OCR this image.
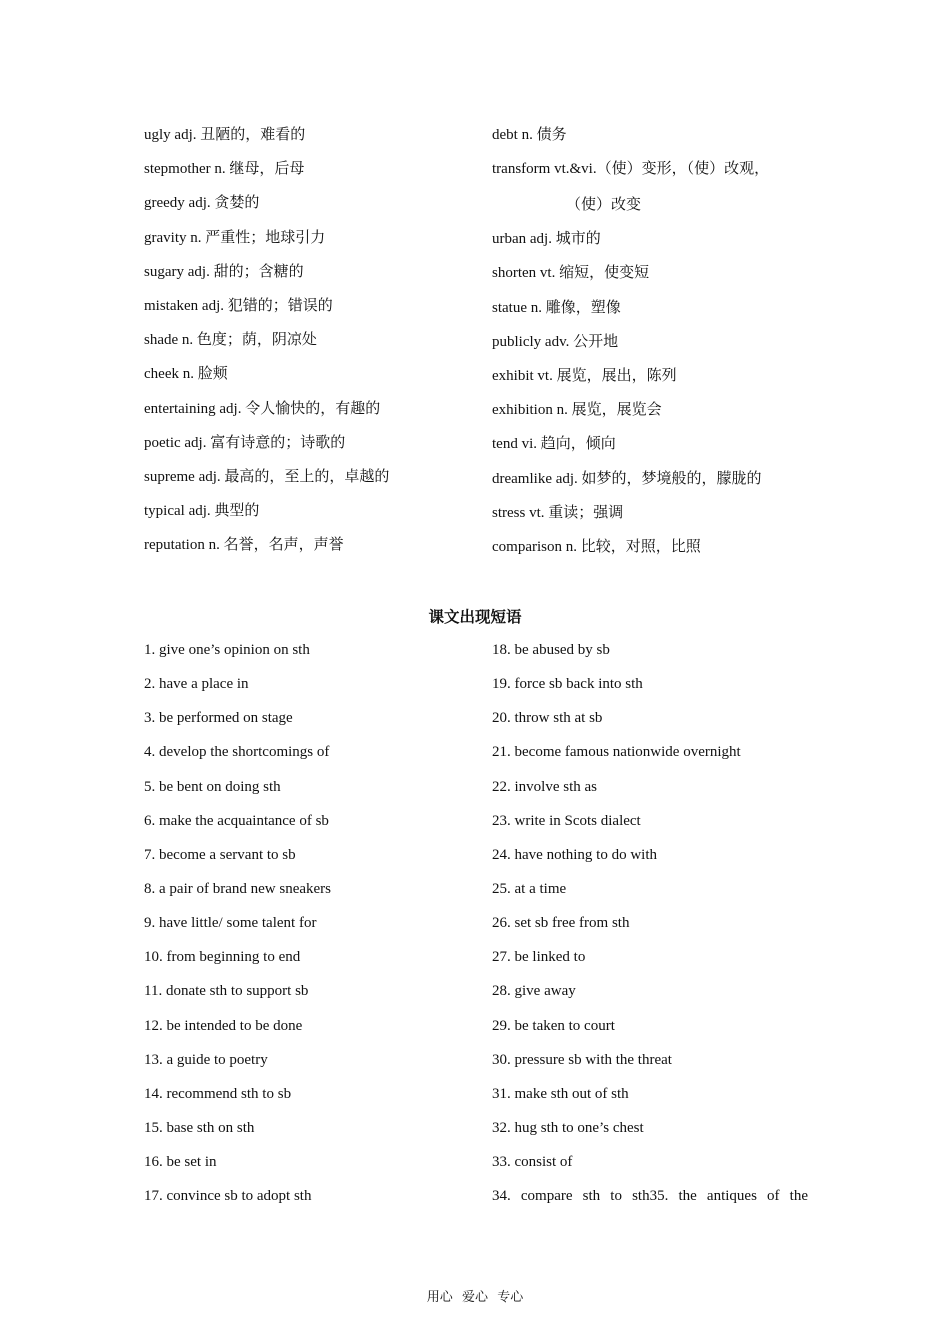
ugly adj. 丑陋的，难看的
stepmother n. 继母，后母
greedy adj. 贪婪的
gravity n. 严重性；地球引力
sugary adj. 甜的；含糖的
mistaken adj. 犯错的；错误的
shade n. 色度；荫，阴凉处
cheek n. 脸颊
entertaining adj. 令人愉快的，有趣的
poetic adj. 富有诗意的；诗歌的
supreme adj. 最高的，至上的，卓越的
typical adj. 典型的
reputation n. 名誉，名声，声誉
debt n. 债务
transform vt.&vi.（使）变形，（使）改观，
（使）改变
urban adj. 城市的
shorten vt. 缩短，使变短
statue n. 雕像，塑像
publicly adv. 公开地
exhibit vt. 展览，展出，陈列
exhibition n. 展览，展览会
tend vi. 趋向，倾向
dreamlike adj. 如梦的，梦境般的，朦胧的
stress vt. 重读；强调
comparison n. 比较，对照，比照
课文出现短语
1. give one’s opinion on sth
2. have a place in
3. be performed on stage
4. develop the shortcomings of
5. be bent on doing sth
6. make the acquaintance of sb
7. become a servant to sb
8. a pair of brand new sneakers
9. have little/ some talent for
10. from beginning to end
11. donate sth to support sb
12. be intended to be done
13. a guide to poetry
14. recommend sth to sb
15. base sth on sth
16. be set in
17. convince sb to adopt sth
18. be abused by sb
19. force sb back into sth
20. throw sth at sb
21. become famous nationwide overnight
22. involve sth as
23. write in Scots dialect
24. have nothing to do with
25. at a time
26. set sb free from sth
27. be linked to
28. give away
29. be taken to court
30. pressure sb with the threat
31. make sth out of sth
32. hug sth to one’s chest
33. consist of
34. compare sth to sth35. the antiques of the
用心 爱心 专心
